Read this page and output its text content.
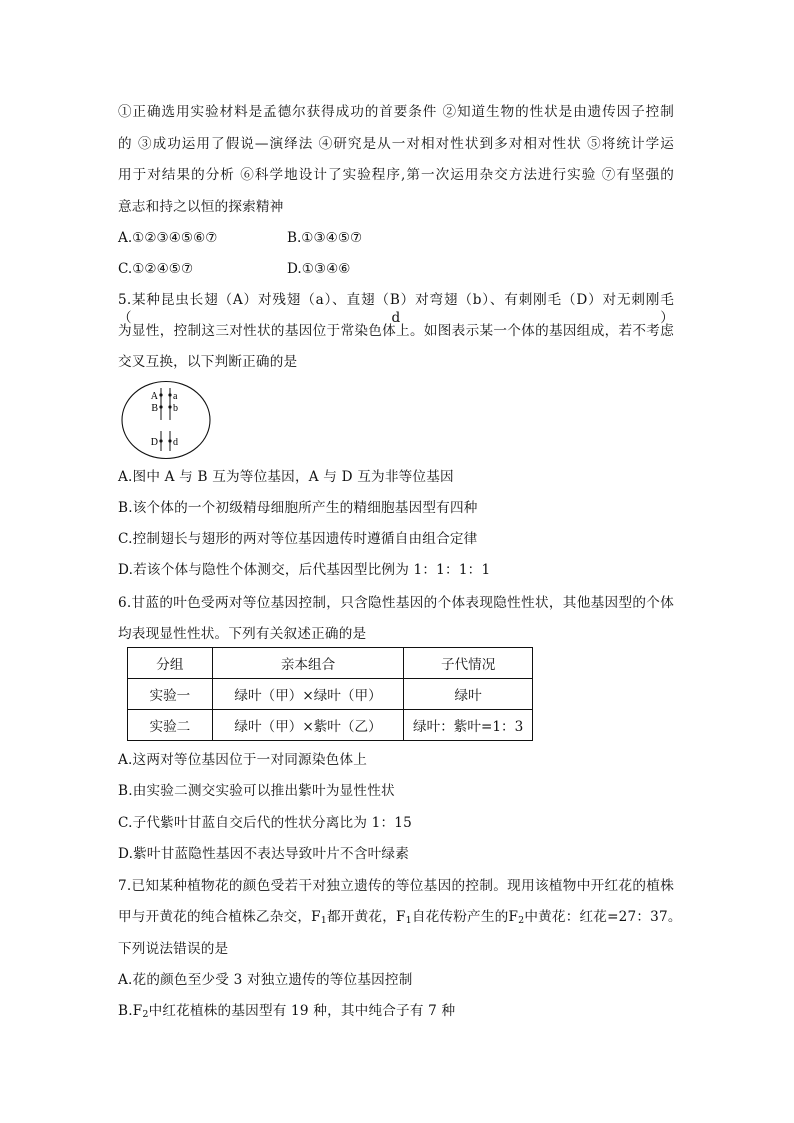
①正确选用实验材料是孟德尔获得成功的首要条件 ②知道生物的性状是由遗传因子控制
的 ③成功运用了假说—演绎法 ④研究是从一对相对性状到多对相对性状 ⑤将统计学运
用于对结果的分析 ⑥科学地设计了实验程序,第一次运用杂交方法进行实验 ⑦有坚强的
意志和持之以恒的探索精神
A.①②③④⑤⑥⑦	B.①③④⑤⑦
C.①②④⑤⑦	D.①③④⑥
5.某种昆虫长翅（A）对残翅（a）、直翅（B）对弯翅（b）、有刺刚毛（D）对无刺刚毛（d）
为显性，控制这三对性状的基因位于常染色体上。如图表示某一个体的基因组成，若不考虑
交叉互换，以下判断正确的是
A
B
D
a
b
d
A.图中 A 与 B 互为等位基因，A 与 D 互为非等位基因
B.该个体的一个初级精母细胞所产生的精细胞基因型有四种
C.控制翅长与翅形的两对等位基因遗传时遵循自由组合定律
D.若该个体与隐性个体测交，后代基因型比例为 1：1：1：1
6.甘蓝的叶色受两对等位基因控制，只含隐性基因的个体表现隐性性状，其他基因型的个体
均表现显性性状。下列有关叙述正确的是
分组	亲本组合	子代情况
实验一	绿叶（甲）×绿叶（甲）	绿叶
实验二	绿叶（甲）×紫叶（乙）	绿叶：紫叶=1：3
A.这两对等位基因位于一对同源染色体上
B.由实验二测交实验可以推出紫叶为显性性状
C.子代紫叶甘蓝自交后代的性状分离比为 1：15
D.紫叶甘蓝隐性基因不表达导致叶片不含叶绿素
7.已知某种植物花的颜色受若干对独立遗传的等位基因的控制。现用该植物中开红花的植株
甲与开黄花的纯合植株乙杂交，$F_1$都开黄花，$F_1$自花传粉产生的$F_2$中黄花：红花=27：37。
下列说法错误的是
A.花的颜色至少受 3 对独立遗传的等位基因控制
$B.F_2$中红花植株的基因型有 19 种，其中纯合子有 7 种
